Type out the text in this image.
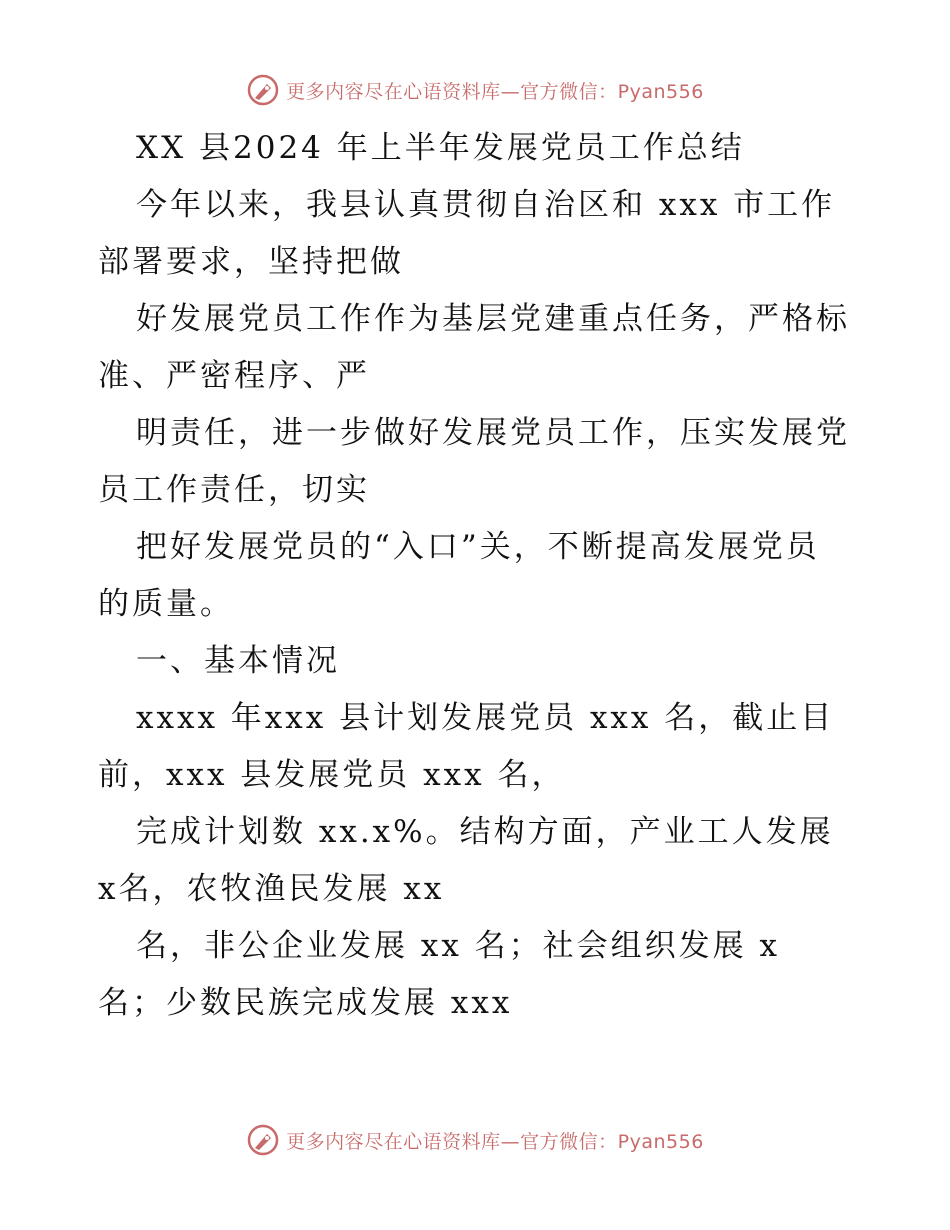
更多内容尽在心语资料库—官方微信：Pyan556
XX 县2024 年上半年发展党员工作总结
今年以来，我县认真贯彻自治区和 xxx 市工作
部署要求，坚持把做
好发展党员工作作为基层党建重点任务，严格标
准、严密程序、严
明责任，进一步做好发展党员工作，压实发展党
员工作责任，切实
把好发展党员的“入口”关，不断提高发展党员
的质量。
一、基本情况
xxxx 年xxx 县计划发展党员 xxx 名，截止目
前，xxx 县发展党员 xxx 名，
完成计划数 xx.x%。结构方面，产业工人发展
x名，农牧渔民发展 xx
名，非公企业发展 xx 名；社会组织发展 x
名；少数民族完成发展 xxx
更多内容尽在心语资料库—官方微信：Pyan556
